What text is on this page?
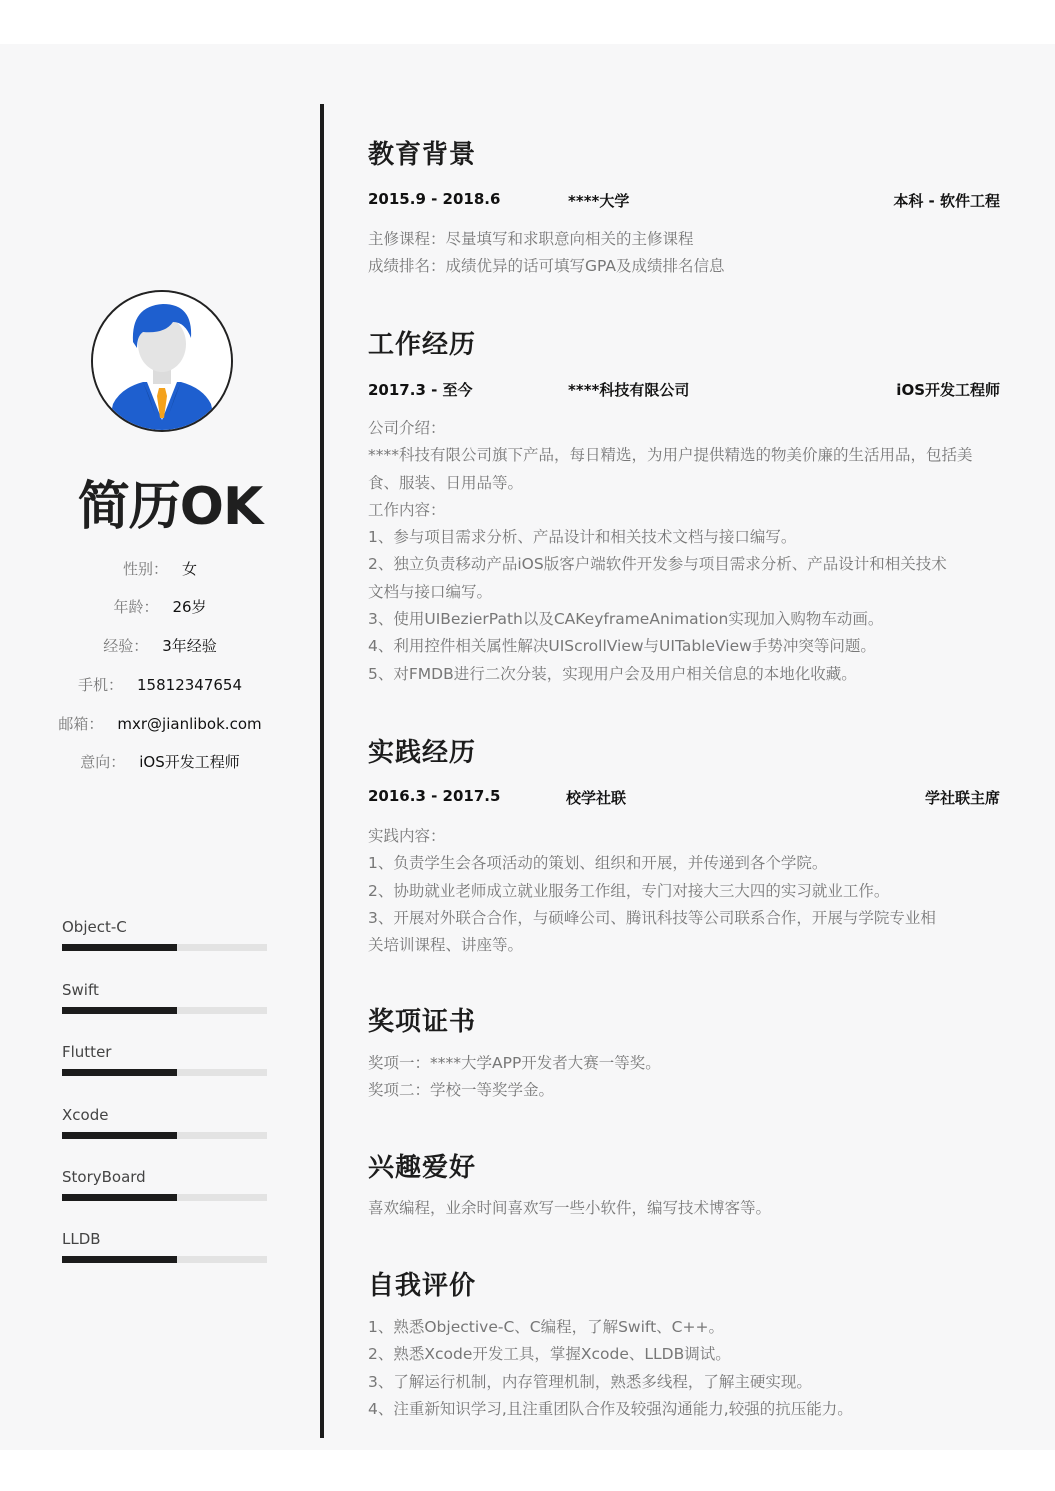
简历OK
性别： 女
年龄： 26岁
经验： 3年经验
手机： 15812347654
邮箱： mxr@jianlibok.com
意向： iOS开发工程师
Object-C
Swift
Flutter
Xcode
StoryBoard
LLDB
教育背景
2015.9 - 2018.6	****大学	本科 - 软件工程
主修课程：尽量填写和求职意向相关的主修课程
成绩排名：成绩优异的话可填写GPA及成绩排名信息
工作经历
2017.3 - 至今	****科技有限公司	iOS开发工程师
公司介绍：
****科技有限公司旗下产品，每日精选，为用户提供精选的物美价廉的生活用品，包括美
食、服装、日用品等。
工作内容：
1、参与项目需求分析、产品设计和相关技术文档与接口编写。
2、独立负责移动产品iOS版客户端软件开发参与项目需求分析、产品设计和相关技术
文档与接口编写。
3、使用UIBezierPath以及CAKeyframeAnimation实现加入购物车动画。
4、利用控件相关属性解决UIScrollView与UITableView手势冲突等问题。
5、对FMDB进行二次分装，实现用户会及用户相关信息的本地化收藏。
实践经历
2016.3 - 2017.5	校学社联	学社联主席
实践内容：
1、负责学生会各项活动的策划、组织和开展，并传递到各个学院。
2、协助就业老师成立就业服务工作组，专门对接大三大四的实习就业工作。
3、开展对外联合合作，与硕峰公司、腾讯科技等公司联系合作，开展与学院专业相
关培训课程、讲座等。
奖项证书
奖项一：****大学APP开发者大赛一等奖。
奖项二：学校一等奖学金。
兴趣爱好
喜欢编程，业余时间喜欢写一些小软件，编写技术博客等。
自我评价
1、熟悉Objective-C、C编程，了解Swift、C++。
2、熟悉Xcode开发工具，掌握Xcode、LLDB调试。
3、了解运行机制，内存管理机制，熟悉多线程，了解主硬实现。
4、注重新知识学习,且注重团队合作及较强沟通能力,较强的抗压能力。
